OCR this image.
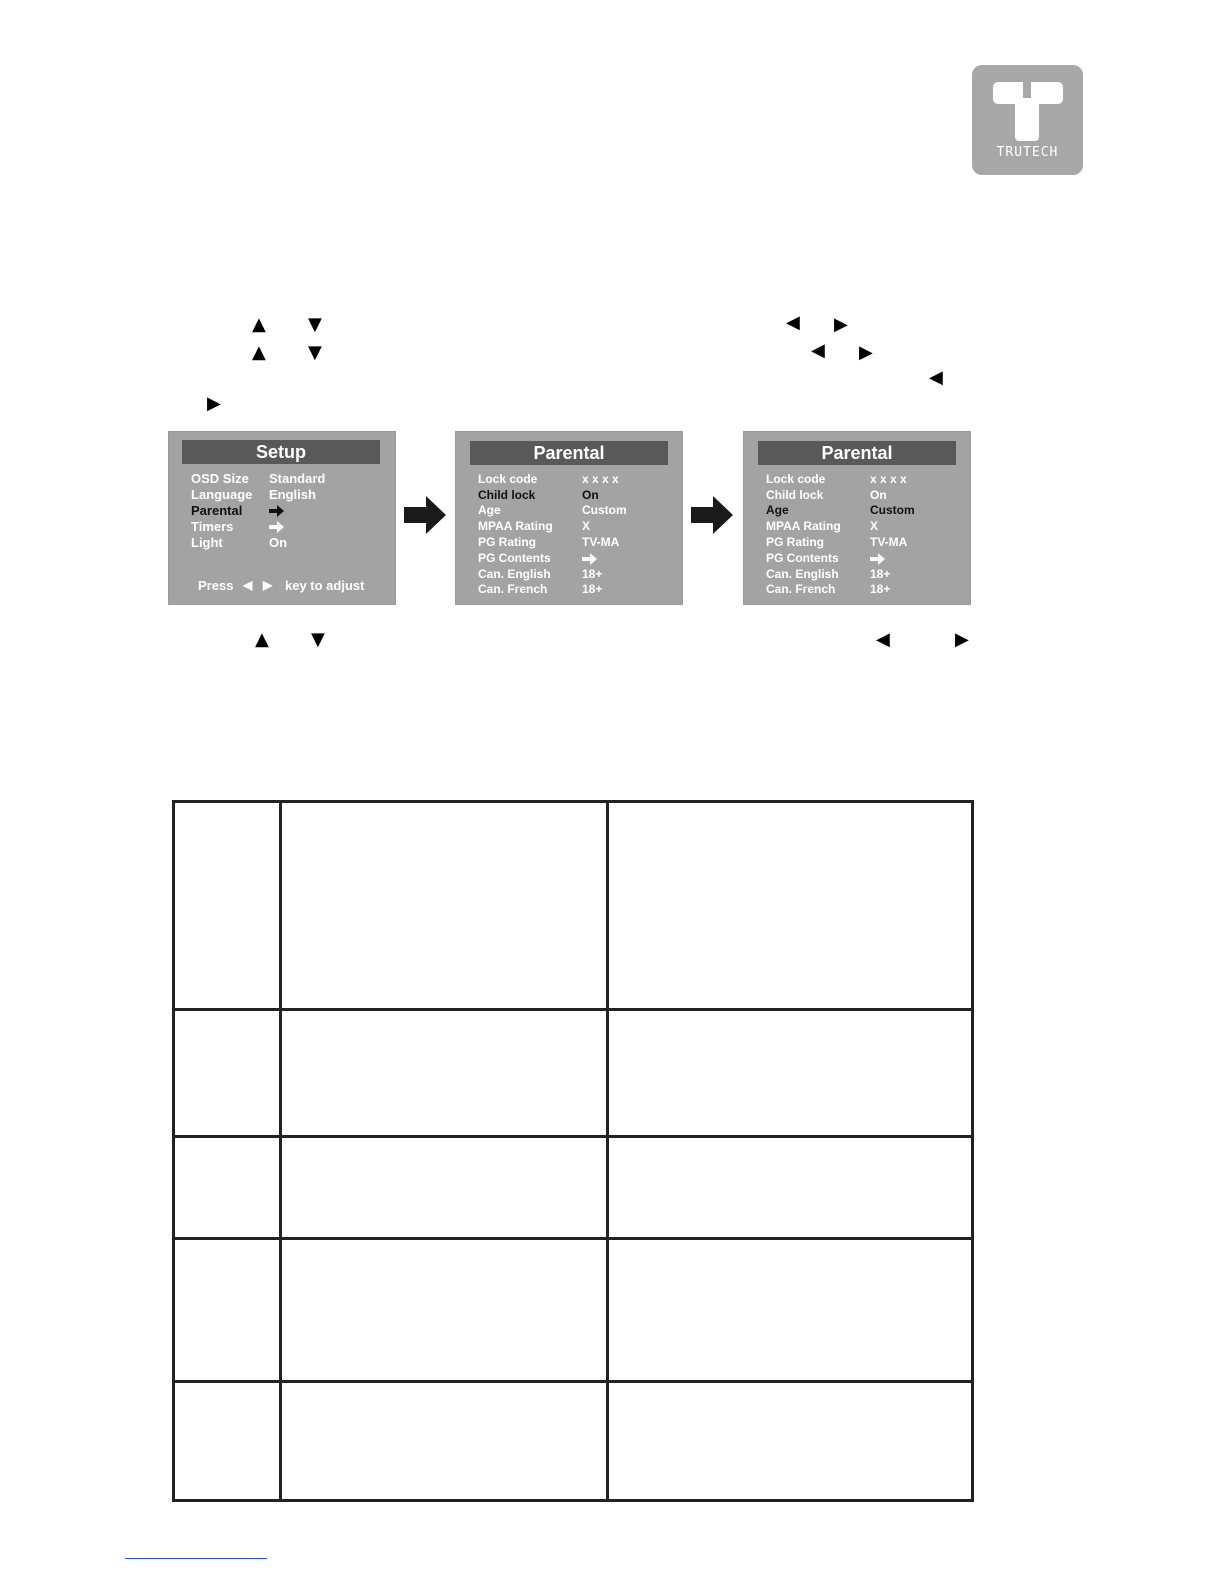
TRUTECH
▲ ▼	◀ ▶
▲ ▼	◀ ▶
◀
▶
▲ ▼	◀	▶
Setup
OSD Size Standard
Language English
Parental
Timers
Light	On
Press ◀ ▶ key to adjust
Parental
Lock code	x x x x
Child lock	On
Age	Custom
MPAA Rating X
PG Rating	TV-MA
PG Contents
Can. English	18+
Can. French	18+
Parental
Lock code	x x x x
Child lock	On
Age	Custom
MPAA Rating X
PG Rating	TV-MA
PG Contents
Can. English	18+
Can. French	18+
